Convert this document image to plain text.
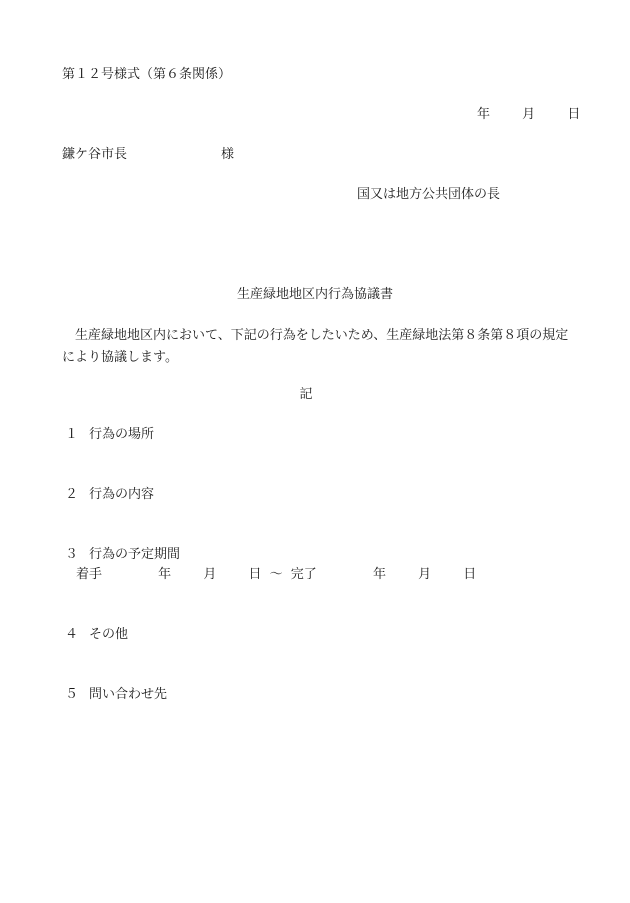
第１２号様式（第６条関係）
年 月 日
鎌ケ谷市長	様
国又は地方公共団体の長
生産緑地地区内行為協議書
生産緑地地区内において、下記の行為をしたいため、生産緑地法第８条第８項の規定により協議します。
記
１ 行為の場所
２ 行為の内容
３ 行為の予定期間
着手	年 月 日 ～ 完了	年 月 日
４ その他
５ 問い合わせ先
